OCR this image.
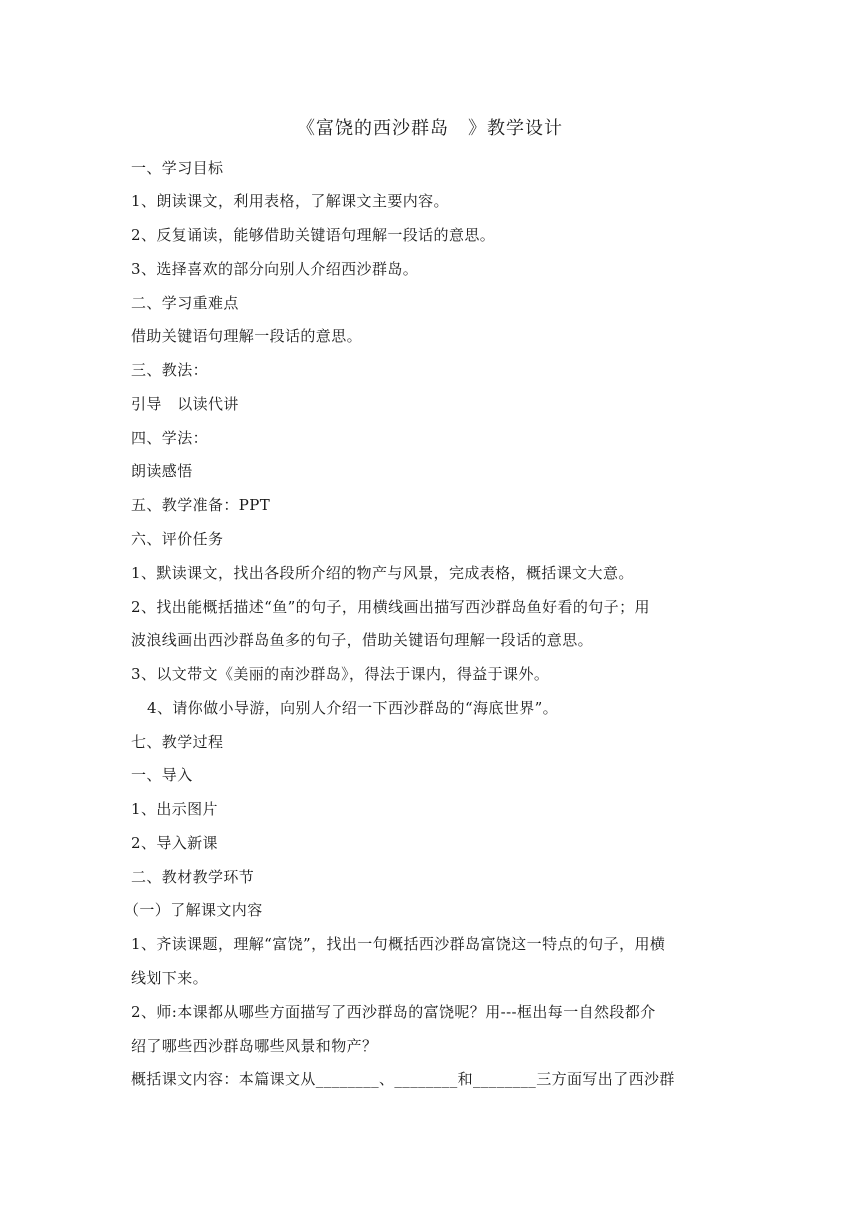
《富饶的西沙群岛　》教学设计
一、学习目标
1、朗读课文，利用表格，了解课文主要内容。
2、反复诵读，能够借助关键语句理解一段话的意思。
3、选择喜欢的部分向别人介绍西沙群岛。
二、学习重难点
借助关键语句理解一段话的意思。
三、教法：
引导　以读代讲
四、学法：
朗读感悟
五、教学准备：PPT
六、评价任务
1、默读课文，找出各段所介绍的物产与风景，完成表格，概括课文大意。
2、找出能概括描述“鱼”的句子，用横线画出描写西沙群岛鱼好看的句子；用
波浪线画出西沙群岛鱼多的句子，借助关键语句理解一段话的意思。
3、以文带文《美丽的南沙群岛》，得法于课内，得益于课外。
4、请你做小导游，向别人介绍一下西沙群岛的“海底世界”。
七、教学过程
一、导入
1、出示图片
2、导入新课
二、教材教学环节
（一）了解课文内容
1、齐读课题，理解“富饶”，找出一句概括西沙群岛富饶这一特点的句子，用横
线划下来。
2、师:本课都从哪些方面描写了西沙群岛的富饶呢？用---框出每一自然段都介
绍了哪些西沙群岛哪些风景和物产？
概括课文内容：本篇课文从________、________和________三方面写出了西沙群
